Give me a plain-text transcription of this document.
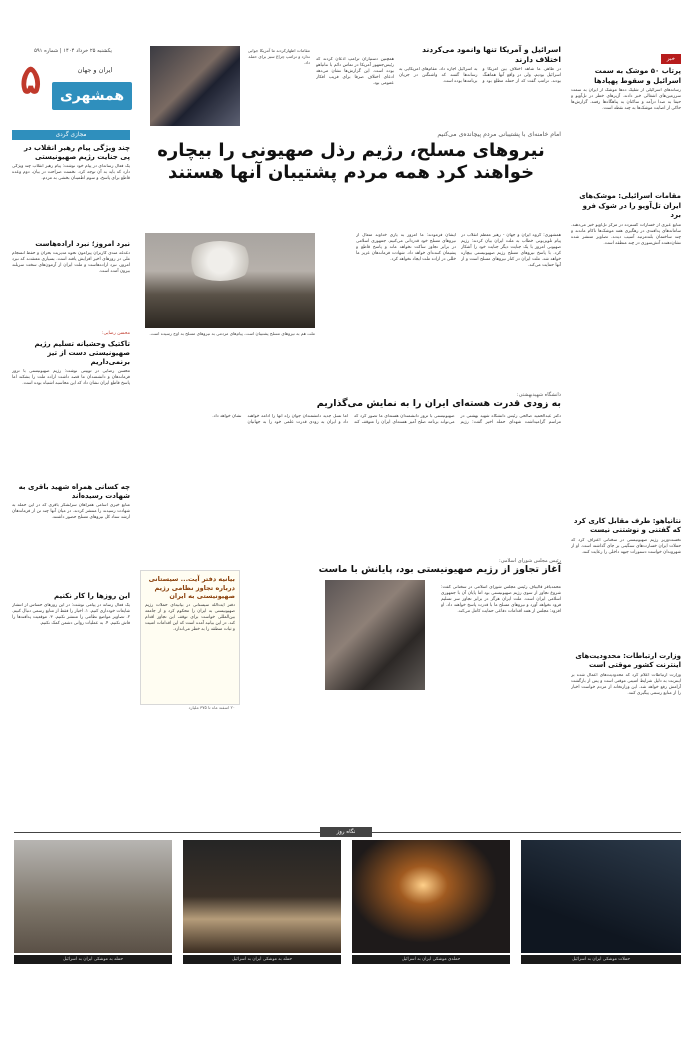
یکشنبه ۲۵ خرداد ۱۴۰۴ | شماره ۵۹۱
۵	ایران و جهان
همشهری
اسرائیل و آمریکا تنها وانمود می‌کردند اختلاف دارند
در ظاهر، ما شاهد اختلاف بین آمریکا و اسرائیل بودیم، ولی در واقع آنها هماهنگ بودند. ترامپ گفت که از حمله مطلع بود و به اسرائیل اجازه داد. مقام‌های آمریکایی به رسانه‌ها گفتند که واشنگتن در جریان برنامه‌ها بوده است.
همچنین دستیاران ترامپ اذعان کردند که رئیس‌جمهور آمریکا در تماس دائم با نتانیاهو بوده است. این گزارش‌ها نشان می‌دهد ادعای اختلاف صرفا برای فریب افکار عمومی بود.
مقامات اظهارکردند ما آمریکا جوابی ندارد و ترامپ چراغ سبز برای حمله داد.
خبر
پرتاب ۵۰ موشک به سمت اسرائیل و سقوط پهپادها
رسانه‌های اسرائیلی از شلیک ده‌ها موشک از ایران به سمت سرزمین‌های اشغالی خبر دادند. آژیرهای خطر در تل‌آویو و حیفا به صدا درآمد و ساکنان به پناهگاه‌ها رفتند. گزارش‌ها حاکی از اصابت موشک‌ها به چند نقطه است.
مقامات اسرائیلی: موشک‌های ایران تل‌آویو را در شوک فرو برد
منابع عبری از خسارات گسترده در مرکز تل‌آویو خبر می‌دهند. سامانه‌های پدافندی در رهگیری همه موشک‌ها ناکام ماندند و چند ساختمان بلندمرتبه آسیب دیدند. تصاویر منتشر شده نشان‌دهنده آتش‌سوزی در چند منطقه است.
نتانیاهو: طرف مقابل کاری کرد که گفتنی و نوشتنی نیست
نخست‌وزیر رژیم صهیونیستی در سخنانی اعتراف کرد که حملات ایران خسارت‌های سنگینی بر جای گذاشته است. او از شهروندان خواست دستورات جبهه داخلی را رعایت کنند.
وزارت ارتباطات: محدودیت‌های اینترنت کشور موقتی است
وزارت ارتباطات اعلام کرد که محدودیت‌های اعمال شده بر اینترنت به دلیل شرایط امنیتی موقتی است و پس از بازگشت آرامش رفع خواهد شد. این وزارتخانه از مردم خواست اخبار را از منابع رسمی پیگیری کنند.
مجازی گردی
چند ویژگی پیام رهبر انقلاب در پی جنایت رژیم صهیونیستی
یک فعال رسانه‌ای در پیام خود نوشت: پیام رهبر انقلاب چند ویژگی دارد که باید به آن توجه کرد. نخست صراحت در بیان، دوم وعده قاطع برای پاسخ، و سوم اطمینان بخشی به مردم.
نبرد امروز؛ نبرد اراده‌هاست
دغدغه مندی کاربران پیرامون نحوه مدیریت بحران و حفظ انسجام ملی در روزهای اخیر افزایش یافته است. بسیاری معتقدند که نبرد امروز، نبرد اراده‌هاست و ملت ایران از آزمون‌های سخت سربلند بیرون آمده است.
محسن رضایی:
تاکتیک وحشیانه تسلیم رژیم صهیونیستی دست از تیز برنمی‌داریم
محسن رضایی در توییتی نوشت: رژیم صهیونیستی با ترور فرماندهان و دانشمندان ما قصد داشت اراده ملت را بشکند اما پاسخ قاطع ایران نشان داد که این محاسبه اشتباه بوده است.
چه کسانی همراه شهید باقری به شهادت رسیده‌اند
منابع خبری اسامی همراهان سرلشکر باقری که در این حمله به شهادت رسیدند را منتشر کردند. در میان آنها چند تن از فرماندهان ارشد ستاد کل نیروهای مسلح حضور داشتند.
این روزها را کار نکنیم
یک فعال رسانه در پیامی نوشت: در این روزهای حساس از انتشار شایعات خودداری کنیم. ۱. اخبار را فقط از منابع رسمی دنبال کنیم. ۲. تصاویر مواضع نظامی را منتشر نکنیم. ۳. موقعیت پدافندها را فاش نکنیم. ۴. به عملیات روانی دشمن کمک نکنیم.
امام خامنه‌ای با پشتیبانی مردم پیچانده‌ی می‌کنیم
نیروهای مسلح، رژیم رذل صهیونی را بیچاره خواهند کرد همه مردم پشتیبان آنها هستند
همشهری: گروه ایران و جهان - رهبر معظم انقلاب در پیام تلویزیونی خطاب به ملت ایران بیان کردند: رژیم صهیونی امروز با یک جنایت دیگر جنایت خود را آشکار کرد. با پاسخ نیروهای مسلح رژیم صهیونیستی بیچاره خواهد شد. ملت ایران در کنار نیروهای مسلح است و از آنها حمایت می‌کند.
ایشان فرمودند: ما امروز به یاری خداوند متعال از نیروهای مسلح خود قدردانی می‌کنیم. جمهوری اسلامی در برابر تجاوز ساکت نخواهد ماند و پاسخ قاطع و پشیمان کننده‌ای خواهد داد. شهادت فرماندهان عزیز ما خللی در اراده ملت ایجاد نخواهد کرد.
ملت هم به نیروهای مسلح پشتیبان است. پیام‌های مردمی به نیروهای مسلح به اوج رسیده است.
دانشگاه شهیدبهشتی:
به زودی قدرت هسته‌ای ایران را به نمایش می‌گذاریم
دکتر عبدالحمید صالحی رئیس دانشگاه شهید بهشتی در مراسم گرامیداشت شهدای حمله اخیر گفت: رژیم صهیونیستی با ترور دانشمندان هسته‌ای ما تصور کرد که می‌تواند برنامه صلح آمیز هسته‌ای ایران را متوقف کند اما نسل جدید دانشمندان جوان راه آنها را ادامه خواهند داد و ایران به زودی قدرت علمی خود را به جهانیان نشان خواهد داد.
رئیس مجلس شورای اسلامی:
آغاز تجاوز از رژیم صهیونیستی بود، پایانش با ماست
محمدباقر قالیباف رئیس مجلس شورای اسلامی در سخنانی گفت: شروع تجاوز از سوی رژیم صهیونیستی بود اما پایان آن با جمهوری اسلامی ایران است. ملت ایران هرگز در برابر تجاوز سر تسلیم فرود نخواهد آورد و نیروهای مسلح ما با قدرت پاسخ خواهند داد. او افزود: مجلس از همه اقدامات دفاعی حمایت کامل می‌کند.
بیانیه دفتر آیت‌... سیستانی درباره تجاوز نظامی رژیم صهیونیستی به ایران
دفتر آیت‌الله سیستانی در بیانیه‌ای حملات رژیم صهیونیستی به ایران را محکوم کرد و از جامعه بین‌المللی خواست برای توقف این تجاوز اقدام کند. در این بیانیه آمده است که این اقدامات امنیت و ثبات منطقه را به خطر می‌اندازد.
۲۰ اسفند ماه تا ۳۷۵ ملیارد
نگاه روز
حمله به موشکی ایران به اسرائیل	حمله به موشکی ایران به اسرائیل	حمله‌ی موشکی ایران به اسرائیل	حملات موشکی ایران به اسرائیل
